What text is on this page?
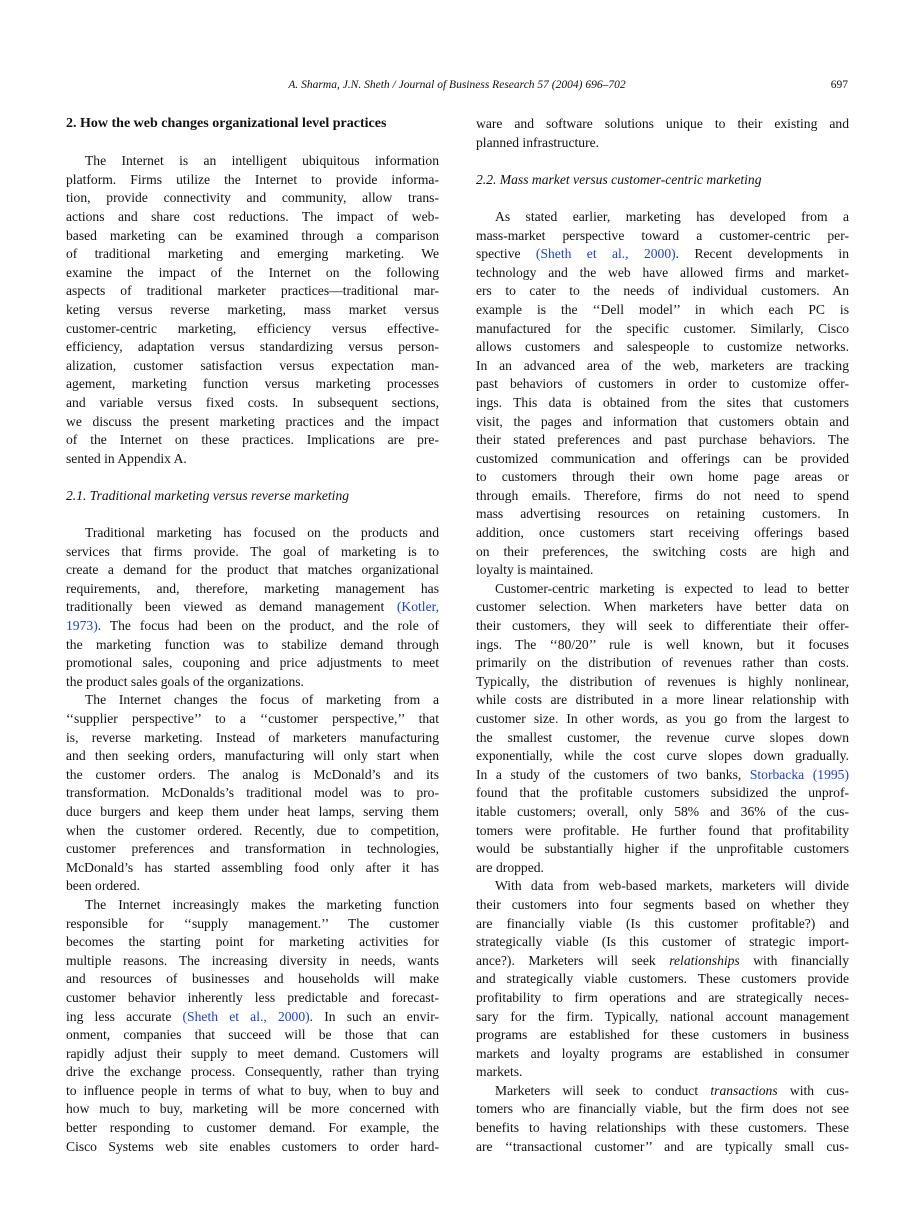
A. Sharma, J.N. Sheth / Journal of Business Research 57 (2004) 696–702	697
2. How the web changes organizational level practices
The Internet is an intelligent ubiquitous information
platform. Firms utilize the Internet to provide informa-
tion, provide connectivity and community, allow trans-
actions and share cost reductions. The impact of web-
based marketing can be examined through a comparison
of traditional marketing and emerging marketing. We
examine the impact of the Internet on the following
aspects of traditional marketer practices—traditional mar-
keting versus reverse marketing, mass market versus
customer-centric marketing, efficiency versus effective-
efficiency, adaptation versus standardizing versus person-
alization, customer satisfaction versus expectation man-
agement, marketing function versus marketing processes
and variable versus fixed costs. In subsequent sections,
we discuss the present marketing practices and the impact
of the Internet on these practices. Implications are pre-
sented in Appendix A.
2.1. Traditional marketing versus reverse marketing
Traditional marketing has focused on the products and
services that firms provide. The goal of marketing is to
create a demand for the product that matches organizational
requirements, and, therefore, marketing management has
traditionally been viewed as demand management (Kotler,
1973). The focus had been on the product, and the role of
the marketing function was to stabilize demand through
promotional sales, couponing and price adjustments to meet
the product sales goals of the organizations.
The Internet changes the focus of marketing from a
‘‘supplier perspective’’ to a ‘‘customer perspective,’’ that
is, reverse marketing. Instead of marketers manufacturing
and then seeking orders, manufacturing will only start when
the customer orders. The analog is McDonald’s and its
transformation. McDonalds’s traditional model was to pro-
duce burgers and keep them under heat lamps, serving them
when the customer ordered. Recently, due to competition,
customer preferences and transformation in technologies,
McDonald’s has started assembling food only after it has
been ordered.
The Internet increasingly makes the marketing function
responsible for ‘‘supply management.’’ The customer
becomes the starting point for marketing activities for
multiple reasons. The increasing diversity in needs, wants
and resources of businesses and households will make
customer behavior inherently less predictable and forecast-
ing less accurate (Sheth et al., 2000). In such an envir-
onment, companies that succeed will be those that can
rapidly adjust their supply to meet demand. Customers will
drive the exchange process. Consequently, rather than trying
to influence people in terms of what to buy, when to buy and
how much to buy, marketing will be more concerned with
better responding to customer demand. For example, the
Cisco Systems web site enables customers to order hard-
ware and software solutions unique to their existing and
planned infrastructure.
2.2. Mass market versus customer-centric marketing
As stated earlier, marketing has developed from a
mass-market perspective toward a customer-centric per-
spective (Sheth et al., 2000). Recent developments in
technology and the web have allowed firms and market-
ers to cater to the needs of individual customers. An
example is the ‘‘Dell model’’ in which each PC is
manufactured for the specific customer. Similarly, Cisco
allows customers and salespeople to customize networks.
In an advanced area of the web, marketers are tracking
past behaviors of customers in order to customize offer-
ings. This data is obtained from the sites that customers
visit, the pages and information that customers obtain and
their stated preferences and past purchase behaviors. The
customized communication and offerings can be provided
to customers through their own home page areas or
through emails. Therefore, firms do not need to spend
mass advertising resources on retaining customers. In
addition, once customers start receiving offerings based
on their preferences, the switching costs are high and
loyalty is maintained.
Customer-centric marketing is expected to lead to better
customer selection. When marketers have better data on
their customers, they will seek to differentiate their offer-
ings. The ‘‘80/20’’ rule is well known, but it focuses
primarily on the distribution of revenues rather than costs.
Typically, the distribution of revenues is highly nonlinear,
while costs are distributed in a more linear relationship with
customer size. In other words, as you go from the largest to
the smallest customer, the revenue curve slopes down
exponentially, while the cost curve slopes down gradually.
In a study of the customers of two banks, Storbacka (1995)
found that the profitable customers subsidized the unprof-
itable customers; overall, only 58% and 36% of the cus-
tomers were profitable. He further found that profitability
would be substantially higher if the unprofitable customers
are dropped.
With data from web-based markets, marketers will divide
their customers into four segments based on whether they
are financially viable (Is this customer profitable?) and
strategically viable (Is this customer of strategic import-
ance?). Marketers will seek relationships with financially
and strategically viable customers. These customers provide
profitability to firm operations and are strategically neces-
sary for the firm. Typically, national account management
programs are established for these customers in business
markets and loyalty programs are established in consumer
markets.
Marketers will seek to conduct transactions with cus-
tomers who are financially viable, but the firm does not see
benefits to having relationships with these customers. These
are ‘‘transactional customer’’ and are typically small cus-
